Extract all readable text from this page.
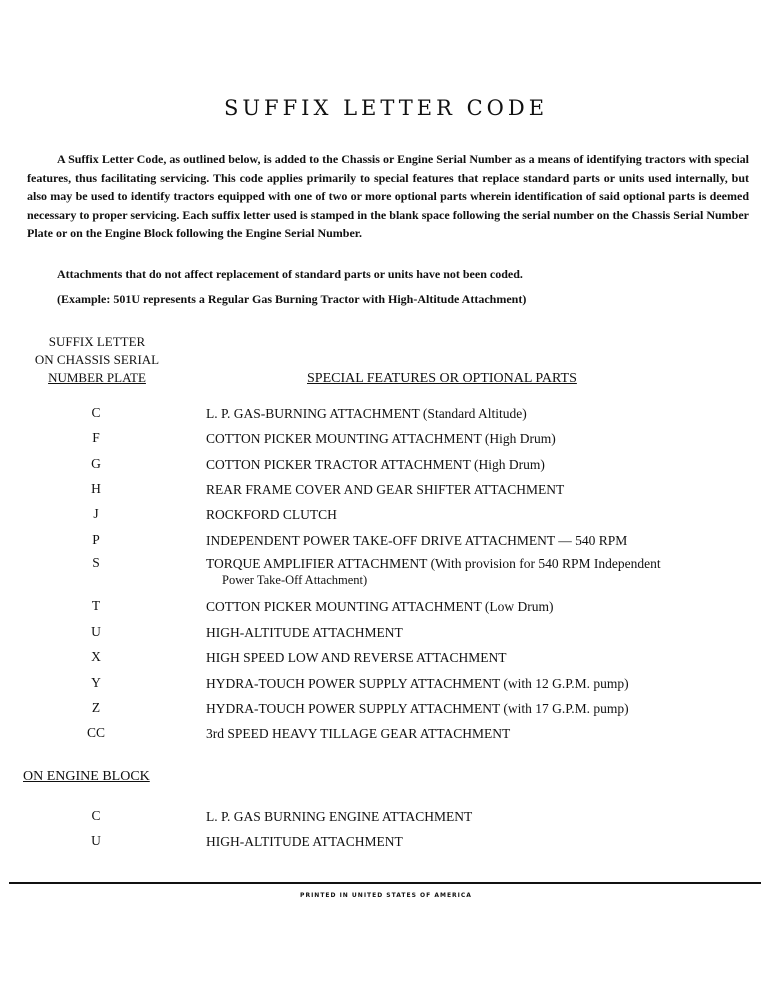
SUFFIX LETTER CODE

A Suffix Letter Code, as outlined below, is added to the Chassis or Engine Serial Number as a means of identifying tractors with special features, thus facilitating servicing. This code applies primarily to special features that replace standard parts or units used internally, but also may be used to identify tractors equipped with one of two or more optional parts wherein identification of said optional parts is deemed necessary to proper servicing. Each suffix letter used is stamped in the blank space following the serial number on the Chassis Serial Number Plate or on the Engine Block following the Engine Serial Number.

Attachments that do not affect replacement of standard parts or units have not been coded.

(Example: 501U represents a Regular Gas Burning Tractor with High-Altitude Attachment)

SUFFIX LETTER
ON CHASSIS SERIAL
NUMBER PLATE	SPECIAL FEATURES OR OPTIONAL PARTS
C	L. P. GAS-BURNING ATTACHMENT (Standard Altitude)
F	COTTON PICKER MOUNTING ATTACHMENT (High Drum)
G	COTTON PICKER TRACTOR ATTACHMENT (High Drum)
H	REAR FRAME COVER AND GEAR SHIFTER ATTACHMENT
J	ROCKFORD CLUTCH
P	INDEPENDENT POWER TAKE-OFF DRIVE ATTACHMENT — 540 RPM
S	TORQUE AMPLIFIER ATTACHMENT (With provision for 540 RPM Independent
Power Take-Off Attachment)
T	COTTON PICKER MOUNTING ATTACHMENT (Low Drum)
U	HIGH-ALTITUDE ATTACHMENT
X	HIGH SPEED LOW AND REVERSE ATTACHMENT
Y	HYDRA-TOUCH POWER SUPPLY ATTACHMENT (with 12 G.P.M. pump)
Z	HYDRA-TOUCH POWER SUPPLY ATTACHMENT (with 17 G.P.M. pump)
CC	3rd SPEED HEAVY TILLAGE GEAR ATTACHMENT
ON ENGINE BLOCK
C	L. P. GAS BURNING ENGINE ATTACHMENT
U	HIGH-ALTITUDE ATTACHMENT
PRINTED IN UNITED STATES OF AMERICA
